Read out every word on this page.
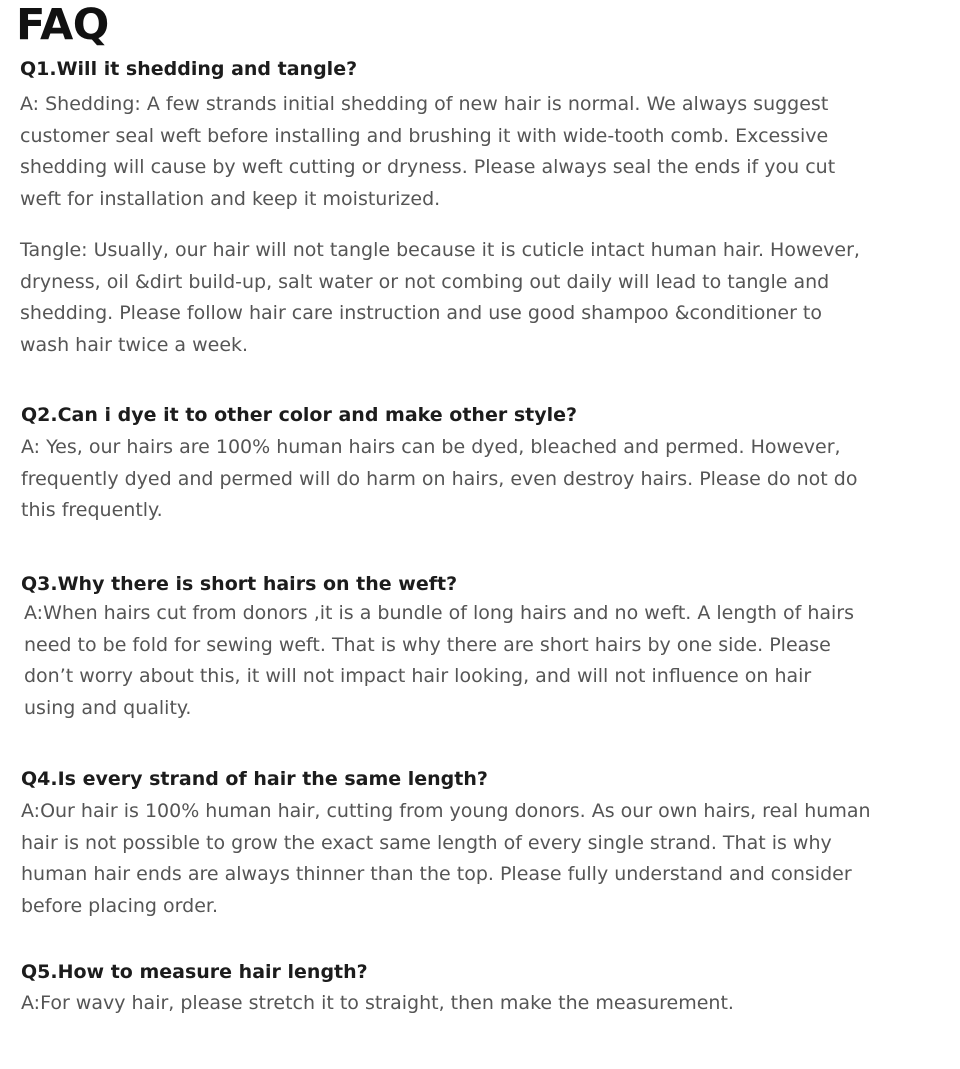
FAQ
Q1.Will it shedding and tangle?

A: Shedding: A few strands initial shedding of new hair is normal. We always suggest
customer seal weft before installing and brushing it with wide-tooth comb. Excessive
shedding will cause by weft cutting or dryness. Please always seal the ends if you cut
weft for installation and keep it moisturized.

Tangle: Usually, our hair will not tangle because it is cuticle intact human hair. However,
dryness, oil &dirt build-up, salt water or not combing out daily will lead to tangle and
shedding. Please follow hair care instruction and use good shampoo &conditioner to
wash hair twice a week.

Q2.Can i dye it to other color and make other style?

A: Yes, our hairs are 100% human hairs can be dyed, bleached and permed. However,
frequently dyed and permed will do harm on hairs, even destroy hairs. Please do not do
this frequently.

Q3.Why there is short hairs on the weft?

A:When hairs cut from donors ,it is a bundle of long hairs and no weft. A length of hairs
need to be fold for sewing weft. That is why there are short hairs by one side. Please
don’t worry about this, it will not impact hair looking, and will not influence on hair
using and quality.

Q4.Is every strand of hair the same length?

A:Our hair is 100% human hair, cutting from young donors. As our own hairs, real human
hair is not possible to grow the exact same length of every single strand. That is why
human hair ends are always thinner than the top. Please fully understand and consider
before placing order.

Q5.How to measure hair length?

A:For wavy hair, please stretch it to straight, then make the measurement.
